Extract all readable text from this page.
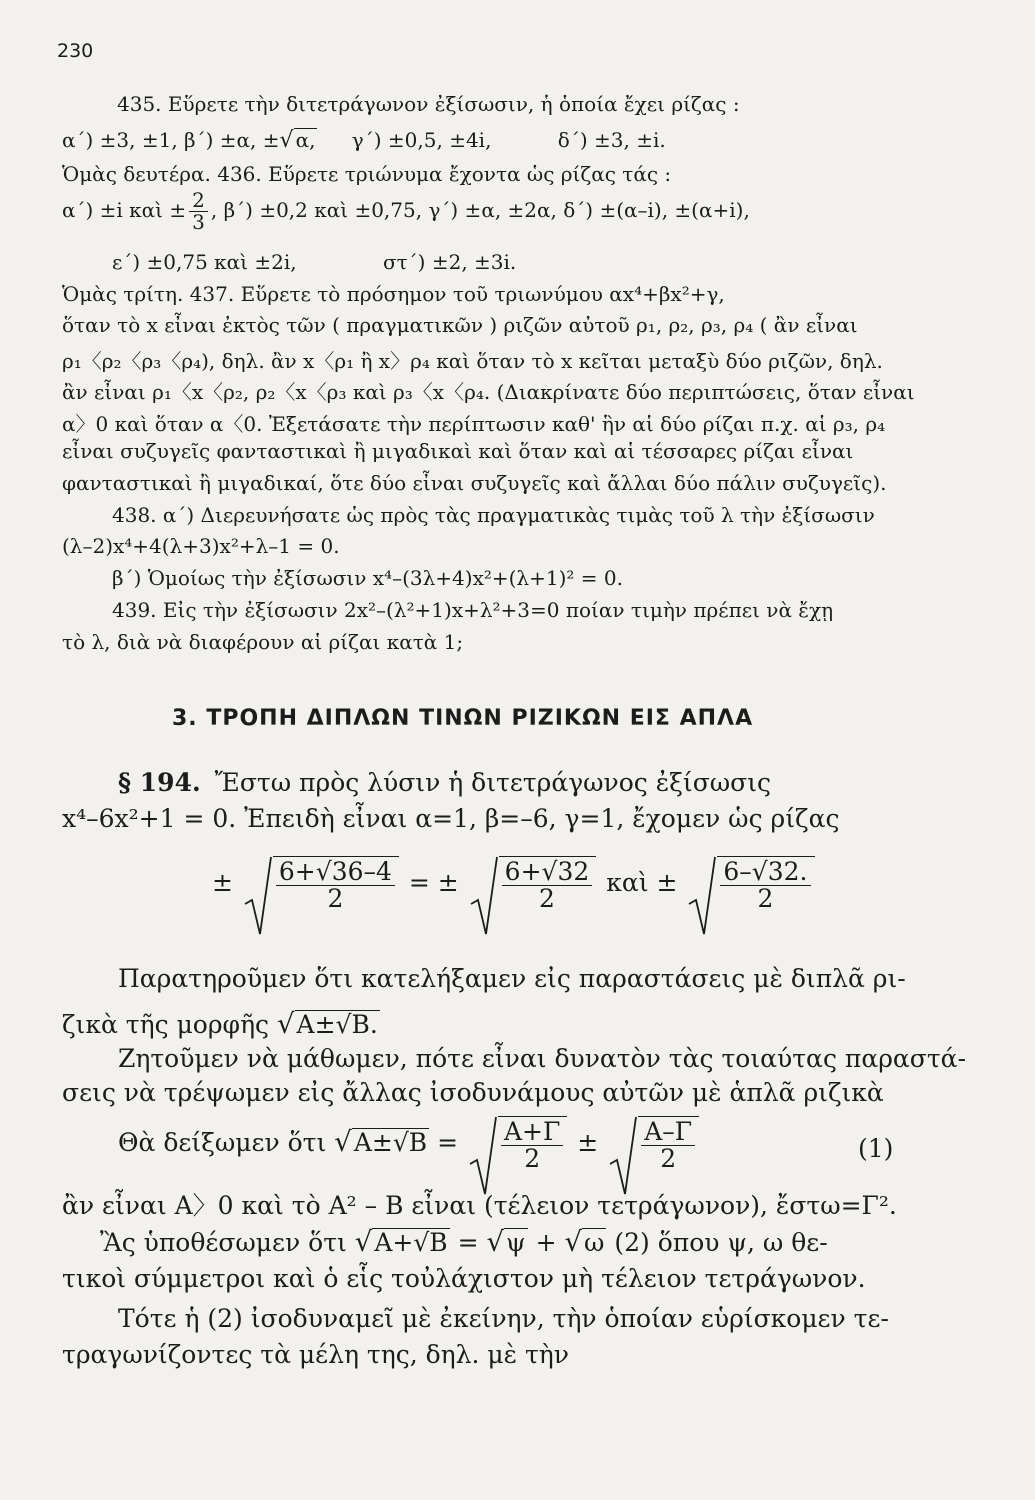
230
435. Εὕρετε τὴν διτετράγωνον ἐξίσωσιν, ἡ ὁποία ἔχει ρίζας :
α΄) ±3, ±1, β΄) ±α, ±√ α, γ΄) ±0,5, ±4i,	δ΄) ±3, ±i.
Ὁμὰς δευτέρα. 436. Εὕρετε τριώνυμα ἔχοντα ὡς ρίζας τάς :
α΄) ±i καὶ ± $\frac{2}{3}$ , β΄) ±0,2 καὶ ±0,75, γ΄) ±α, ±2α, δ΄) ±(α–i), ±(α+i),
ε΄) ±0,75 καὶ ±2i,	στ΄) ±2, ±3i.
Ὁμὰς τρίτη. 437. Εὕρετε τὸ πρόσημον τοῦ τριωνύμου αx⁴+βx²+γ,
ὅταν τὸ x εἶναι ἐκτὸς τῶν ( πραγματικῶν ) ριζῶν αὐτοῦ ρ₁, ρ₂, ρ₃, ρ₄ ( ἂν εἶναι
ρ₁〈ρ₂〈ρ₃〈ρ₄), δηλ. ἂν x〈ρ₁ ἢ x〉ρ₄ καὶ ὅταν τὸ x κεῖται μεταξὺ δύο ριζῶν, δηλ.
ἂν εἶναι ρ₁〈x〈ρ₂, ρ₂〈x〈ρ₃ καὶ ρ₃〈x〈ρ₄. (Διακρίνατε δύο περιπτώσεις, ὅταν εἶναι
α〉0 καὶ ὅταν α〈0. Ἐξετάσατε τὴν περίπτωσιν καθ' ἣν αἱ δύο ρίζαι π.χ. αἱ ρ₃, ρ₄
εἶναι συζυγεῖς φανταστικαὶ ἢ μιγαδικαὶ καὶ ὅταν καὶ αἱ τέσσαρες ρίζαι εἶναι
φανταστικαὶ ἢ μιγαδικαί, ὅτε δύο εἶναι συζυγεῖς καὶ ἄλλαι δύο πάλιν συζυγεῖς).
438. α΄) Διερευνήσατε ὡς πρὸς τὰς πραγματικὰς τιμὰς τοῦ λ τὴν ἐξίσωσιν
(λ–2)x⁴+4(λ+3)x²+λ–1 = 0.
β΄) Ὁμοίως τὴν ἐξίσωσιν x⁴–(3λ+4)x²+(λ+1)² = 0.
439. Εἰς τὴν ἐξίσωσιν 2x²–(λ²+1)x+λ²+3=0 ποίαν τιμὴν πρέπει νὰ ἔχῃ
τὸ λ, διὰ νὰ διαφέρουν αἱ ρίζαι κατὰ 1;
3. ΤΡΟΠΗ ΔΙΠΛΩΝ ΤΙΝΩΝ ΡΙΖΙΚΩΝ ΕΙΣ ΑΠΛΑ
§ 194. Ἔστω πρὸς λύσιν ἡ διτετράγωνος ἐξίσωσις
x⁴–6x²+1 = 0. Ἐπειδὴ εἶναι α=1, β=–6, γ=1, ἔχομεν ὡς ρίζας
± $\frac{6+√36-4}{2}$ = ± $\frac{6+√32}{2}$ καὶ ± $\frac{6-√32.}{2}$
Παρατηροῦμεν ὅτι κατελήξαμεν εἰς παραστάσεις μὲ διπλᾶ ρι-
ζικὰ τῆς μορφῆς √A±√B.
Ζητοῦμεν νὰ μάθωμεν, πότε εἶναι δυνατὸν τὰς τοιαύτας παραστά-
σεις νὰ τρέψωμεν εἰς ἄλλας ἰσοδυνάμους αὐτῶν μὲ ἁπλᾶ ριζικὰ
Θὰ δείξωμεν ὅτι $√A\pm√B = \frac{A+\Gamma}{2} \pm \frac{A-\Gamma}{2}$	(1)
ἂν εἶναι A〉0 καὶ τὸ A² – B εἶναι (τέλειον τετράγωνον), ἔστω=Γ².
Ἂς ὑποθέσωμεν ὅτι √A+√B = √ψ + √ω (2) ὅπου ψ, ω θε-
τικοὶ σύμμετροι καὶ ὁ εἷς τοὐλάχιστον μὴ τέλειον τετράγωνον.
Τότε ἡ (2) ἰσοδυναμεῖ μὲ ἐκείνην, τὴν ὁποίαν εὑρίσκομεν τε-
τραγωνίζοντες τὰ μέλη της, δηλ. μὲ τὴν
